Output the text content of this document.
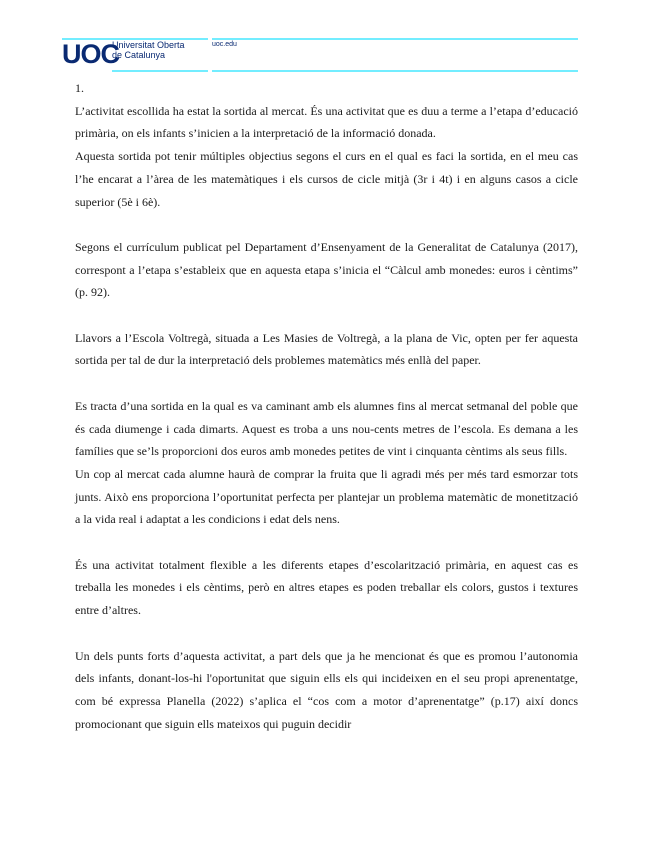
UOC
Universitat Oberta
de Catalunya
uoc.edu

1.

L’activitat escollida ha estat la sortida al mercat. És una activitat que es duu a terme a l’etapa d’educació primària, on els infants s’inicien a la interpretació de la informació donada.

Aquesta sortida pot tenir múltiples objectius segons el curs en el qual es faci la sortida, en el meu cas l’he encarat a l’àrea de les matemàtiques i els cursos de cicle mitjà (3r i 4t) i en alguns casos a cicle superior (5è i 6è).

Segons el currículum publicat pel Departament d’Ensenyament de la Generalitat de Catalunya (2017), correspont a l’etapa s’estableix que en aquesta etapa s’inicia el “Càlcul amb monedes: euros i cèntims” (p. 92).

Llavors a l’Escola Voltregà, situada a Les Masies de Voltregà, a la plana de Vic, opten per fer aquesta sortida per tal de dur la interpretació dels problemes matemàtics més enllà del paper.

Es tracta d’una sortida en la qual es va caminant amb els alumnes fins al mercat setmanal del poble que és cada diumenge i cada dimarts. Aquest es troba a uns nou-cents metres de l’escola. Es demana a les famílies que se’ls proporcioni dos euros amb monedes petites de vint i cinquanta cèntims als seus fills.

Un cop al mercat cada alumne haurà de comprar la fruita que li agradi més per més tard esmorzar tots junts. Això ens proporciona l’oportunitat perfecta per plantejar un problema matemàtic de monetització a la vida real i adaptat a les condicions i edat dels nens.

És una activitat totalment flexible a les diferents etapes d’escolarització primària, en aquest cas es treballa les monedes i els cèntims, però en altres etapes es poden treballar els colors, gustos i textures entre d’altres.

Un dels punts forts d’aquesta activitat, a part dels que ja he mencionat és que es promou l’autonomia dels infants, donant-los-hi l'oportunitat que siguin ells els qui incideixen en el seu propi aprenentatge, com bé expressa Planella (2022) s’aplica el “cos com a motor d’aprenentatge” (p.17) així doncs promocionant que siguin ells mateixos qui puguin decidir
